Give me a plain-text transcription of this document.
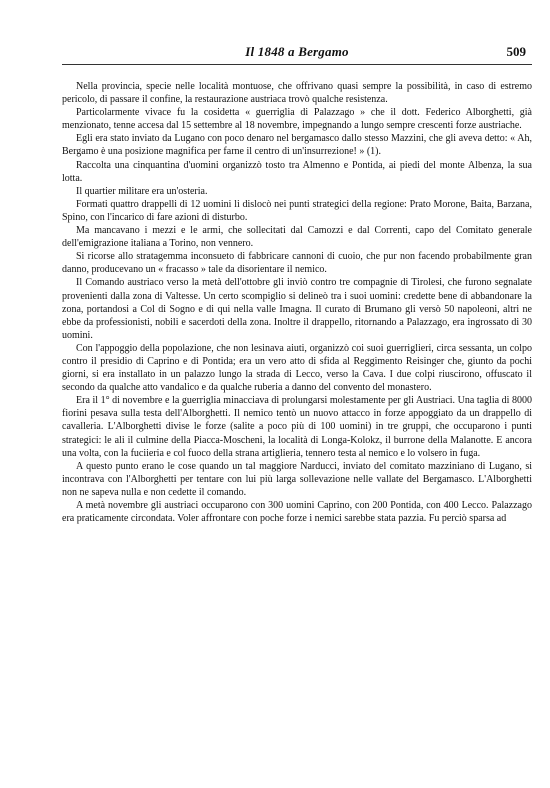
Il 1848 a Bergamo	509

Nella provincia, specie nelle località montuose, che offrivano quasi sempre la possibilità, in caso di estremo pericolo, di passare il confine, la restaurazione austriaca trovò qualche resistenza.

Particolarmente vivace fu la cosidetta « guerriglia di Palazzago » che il dott. Federico Alborghetti, già menzionato, tenne accesa dal 15 settembre al 18 novembre, impegnando a lungo sempre crescenti forze austriache.

Egli era stato inviato da Lugano con poco denaro nel bergamasco dallo stesso Mazzini, che gli aveva detto: « Ah, Bergamo è una posizione magnifica per farne il centro di un'insurrezione! » (1).

Raccolta una cinquantina d'uomini organizzò tosto tra Almenno e Pontida, ai piedi del monte Albenza, la sua lotta.

Il quartier militare era un'osteria.

Formati quattro drappelli di 12 uomini li dislocò nei punti strategici della regione: Prato Morone, Baita, Barzana, Spino, con l'incarico di fare azioni di disturbo.

Ma mancavano i mezzi e le armi, che sollecitati dal Camozzi e dal Correnti, capo del Comitato generale dell'emigrazione italiana a Torino, non vennero.

Si ricorse allo stratagemma inconsueto di fabbricare cannoni di cuoio, che pur non facendo probabilmente gran danno, producevano un « fracasso » tale da disorientare il nemico.

Il Comando austriaco verso la metà dell'ottobre gli inviò contro tre compagnie di Tirolesi, che furono segnalate provenienti dalla zona di Valtesse. Un certo scompiglio si delineò tra i suoi uomini: credette bene di abbandonare la zona, portandosi a Col di Sogno e di qui nella valle Imagna. Il curato di Brumano gli versò 50 napoleoni, altri ne ebbe da professionisti, nobili e sacerdoti della zona. Inoltre il drappello, ritornando a Palazzago, era ingrossato di 30 uomini.

Con l'appoggio della popolazione, che non lesinava aiuti, organizzò coi suoi guerriglieri, circa sessanta, un colpo contro il presidio di Caprino e di Pontida; era un vero atto di sfida al Reggimento Reisinger che, giunto da pochi giorni, si era installato in un palazzo lungo la strada di Lecco, verso la Cava. I due colpi riuscirono, offuscato il secondo da qualche atto vandalico e da qualche ruberia a danno del convento del monastero.

Era il 1° di novembre e la guerriglia minacciava di prolungarsi molestamente per gli Austriaci. Una taglia di 8000 fiorini pesava sulla testa dell'Alborghetti. Il nemico tentò un nuovo attacco in forze appoggiato da un drappello di cavalleria. L'Alborghetti divise le forze (salite a poco più di 100 uomini) in tre gruppi, che occuparono i punti strategici: le ali il culmine della Piacca-Moscheni, la località di Longa-Kolokz, il burrone della Malanotte. E ancora una volta, con la fuciieria e col fuoco della strana artiglieria, tennero testa al nemico e lo volsero in fuga.

A questo punto erano le cose quando un tal maggiore Narducci, inviato del comitato mazziniano di Lugano, si incontrava con l'Alborghetti per tentare con lui più larga sollevazione nelle vallate del Bergamasco. L'Alborghetti non ne sapeva nulla e non cedette il comando.

A metà novembre gli austriaci occuparono con 300 uomini Caprino, con 200 Pontida, con 400 Lecco. Palazzago era praticamente circondata. Voler affrontare con poche forze i nemici sarebbe stata pazzia. Fu perciò sparsa ad
